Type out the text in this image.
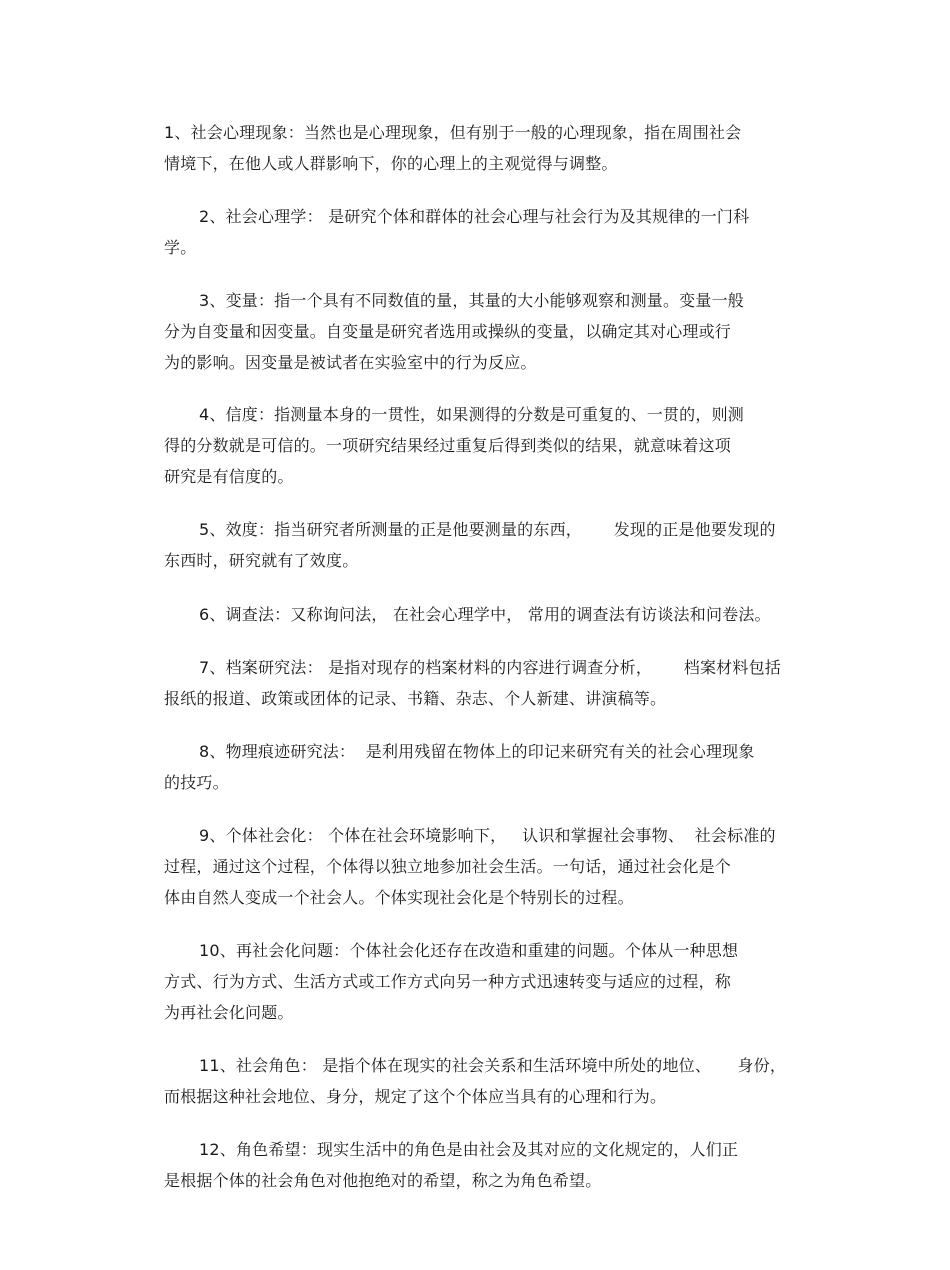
1、社会心理现象：当然也是心理现象，但有别于一般的心理现象，指在周围社会
情境下，在他人或人群影响下，你的心理上的主观觉得与调整。
2、社会心理学： 是研究个体和群体的社会心理与社会行为及其规律的一门科
学。
3、变量：指一个具有不同数值的量，其量的大小能够观察和测量。变量一般
分为自变量和因变量。自变量是研究者选用或操纵的变量，以确定其对心理或行
为的影响。因变量是被试者在实验室中的行为反应。
4、信度：指测量本身的一贯性，如果测得的分数是可重复的、一贯的，则测
得的分数就是可信的。一项研究结果经过重复后得到类似的结果，就意味着这项
研究是有信度的。
5、效度：指当研究者所测量的正是他要测量的东西，      发现的正是他要发现的
东西时，研究就有了效度。
6、调查法：又称询问法， 在社会心理学中， 常用的调查法有访谈法和问卷法。
7、档案研究法： 是指对现存的档案材料的内容进行调查分析，      档案材料包括
报纸的报道、政策或团体的记录、书籍、杂志、个人新建、讲演稿等。
8、物理痕迹研究法：  是利用残留在物体上的印记来研究有关的社会心理现象
的技巧。
9、个体社会化： 个体在社会环境影响下，   认识和掌握社会事物、  社会标准的
过程，通过这个过程，个体得以独立地参加社会生活。一句话，通过社会化是个
体由自然人变成一个社会人。个体实现社会化是个特别长的过程。
10、再社会化问题：个体社会化还存在改造和重建的问题。个体从一种思想
方式、行为方式、生活方式或工作方式向另一种方式迅速转变与适应的过程，称
为再社会化问题。
11、社会角色： 是指个体在现实的社会关系和生活环境中所处的地位、     身份，
而根据这种社会地位、身分，规定了这个个体应当具有的心理和行为。
12、角色希望：现实生活中的角色是由社会及其对应的文化规定的，人们正
是根据个体的社会角色对他抱绝对的希望，称之为角色希望。
